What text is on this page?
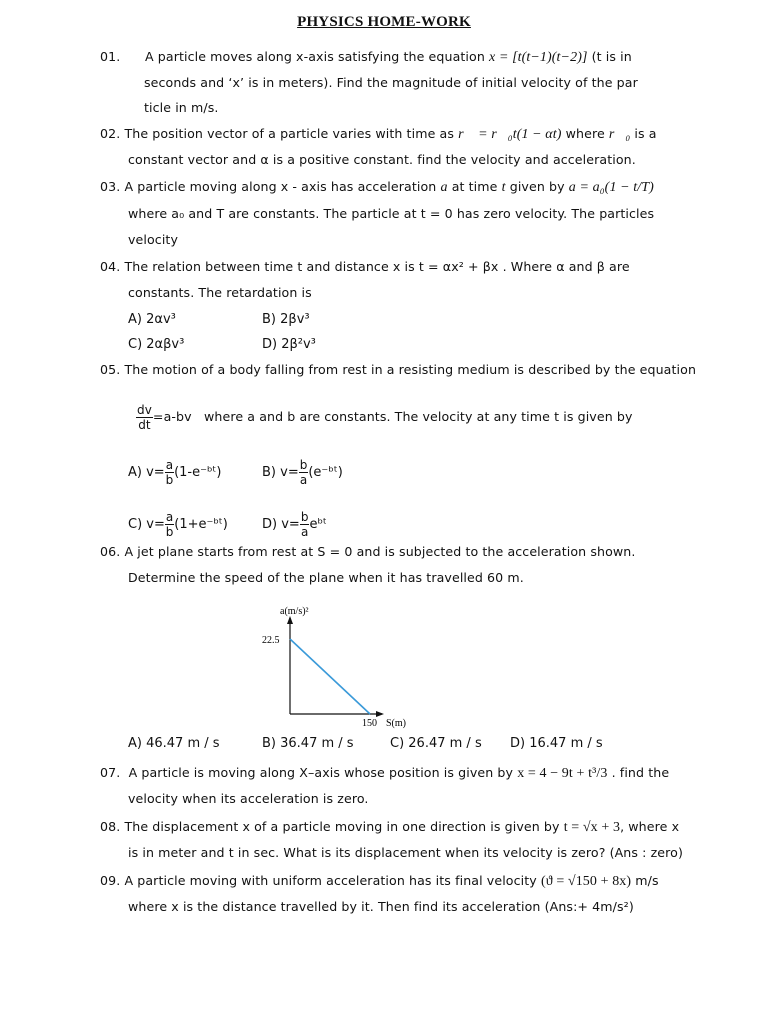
PHYSICS HOME-WORK
01. A particle moves along x-axis satisfying the equation x = [t(t−1)(t−2)] (t is in
seconds and ‘x’ is in meters). Find the magnitude of initial velocity of the par
ticle in m/s.
02. The position vector of a particle varies with time as r⃗ = r⃗₀t(1 − αt) where r⃗₀ is a
constant vector and α is a positive constant. find the velocity and acceleration.
03. A particle moving along x - axis has acceleration a at time t given by a = a₀(1 − t/T)
where a₀ and T are constants. The particle at t = 0 has zero velocity. The particles
velocity
04. The relation between time t and distance x is t = αx² + βx . Where α and β are
constants. The retardation is
A) 2αv³	B) 2βv³
C) 2αβv³	D) 2β²v³
05. The motion of a body falling from rest in a resisting medium is described by the equation
$\frac{dv}{dt} =a-bv$ where a and b are constants. The velocity at any time t is given by
A) $v= \frac{a}{b}$ (1-e⁻ᵇᵗ)	B) $v= \frac{b}{a}$ (e⁻ᵇᵗ)
C) $v= \frac{a}{b}$ (1+e⁻ᵇᵗ)	D) $v= \frac{b}{a}$ eᵇᵗ
06. A jet plane starts from rest at S = 0 and is subjected to the acceleration shown.
Determine the speed of the plane when it has travelled 60 m.
22.5
150
a(m/s)²
S(m)
A) 46.47 m / s	B) 36.47 m / s	C) 26.47 m / s D) 16.47 m / s
07. A particle is moving along X–axis whose position is given by x = 4 − 9t + t³/3 . find the
velocity when its acceleration is zero.
08. The displacement x of a particle moving in one direction is given by t = √x + 3, where x
is in meter and t in sec. What is its displacement when its velocity is zero? (Ans : zero)
09. A particle moving with uniform acceleration has its final velocity (ϑ = √150 + 8x) m/s
where x is the distance travelled by it. Then find its acceleration (Ans:+ 4m/s²)
